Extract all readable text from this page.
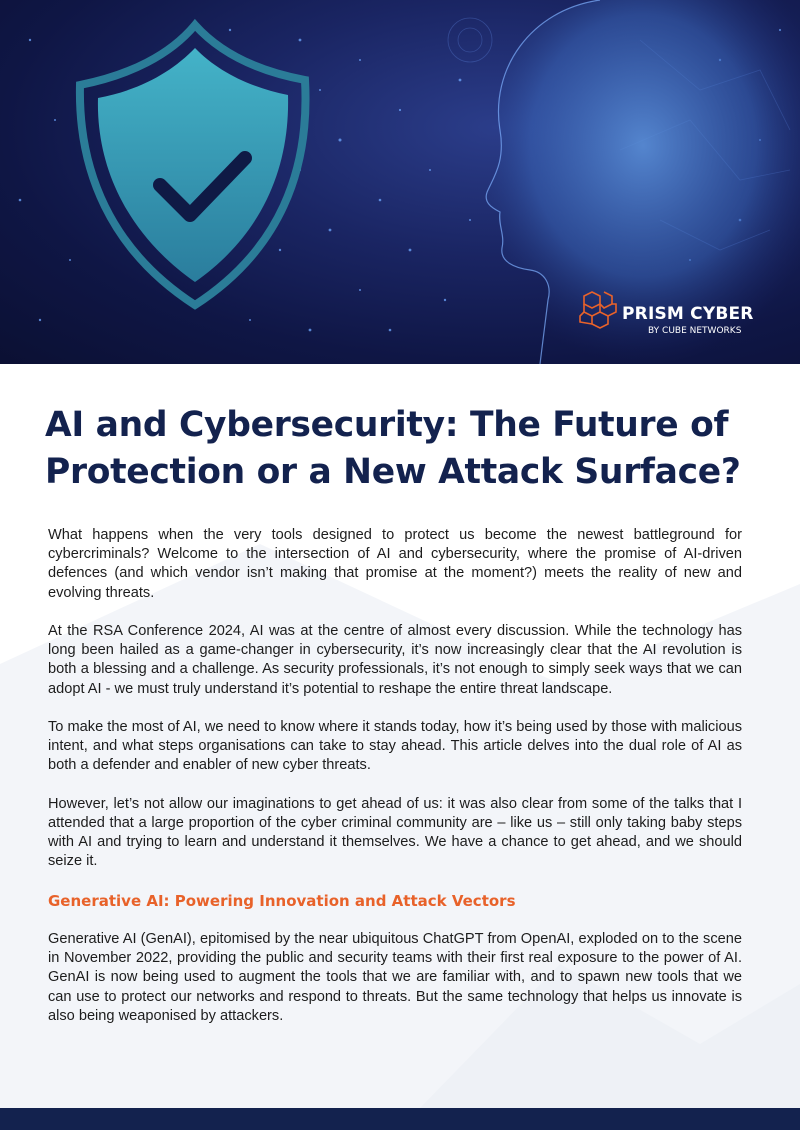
PRISM CYBER
BY CUBE NETWORKS
AI and Cybersecurity: The Future of Protection or a New Attack Surface?

What happens when the very tools designed to protect us become the newest battleground for cybercriminals? Welcome to the intersection of AI and cybersecurity, where the promise of AI-driven defences (and which vendor isn’t making that promise at the moment?) meets the reality of new and evolving threats.

At the RSA Conference 2024, AI was at the centre of almost every discussion. While the technology has long been hailed as a game-changer in cybersecurity, it’s now increasingly clear that the AI revolution is both a blessing and a challenge. As security professionals, it’s not enough to simply seek ways that we can adopt AI - we must truly understand it’s potential to reshape the entire threat landscape.

To make the most of AI, we need to know where it stands today, how it’s being used by those with malicious intent, and what steps organisations can take to stay ahead. This article delves into the dual role of AI as both a defender and enabler of new cyber threats.

However, let’s not allow our imaginations to get ahead of us: it was also clear from some of the talks that I attended that a large proportion of the cyber criminal community are – like us – still only taking baby steps with AI and trying to learn and understand it themselves. We have a chance to get ahead, and we should seize it.

Generative AI: Powering Innovation and Attack Vectors

Generative AI (GenAI), epitomised by the near ubiquitous ChatGPT from OpenAI, exploded on to the scene in November 2022, providing the public and security teams with their first real exposure to the power of AI. GenAI is now being used to augment the tools that we are familiar with, and to spawn new tools that we can use to protect our networks and respond to threats. But the same technology that helps us innovate is also being weaponised by attackers.
